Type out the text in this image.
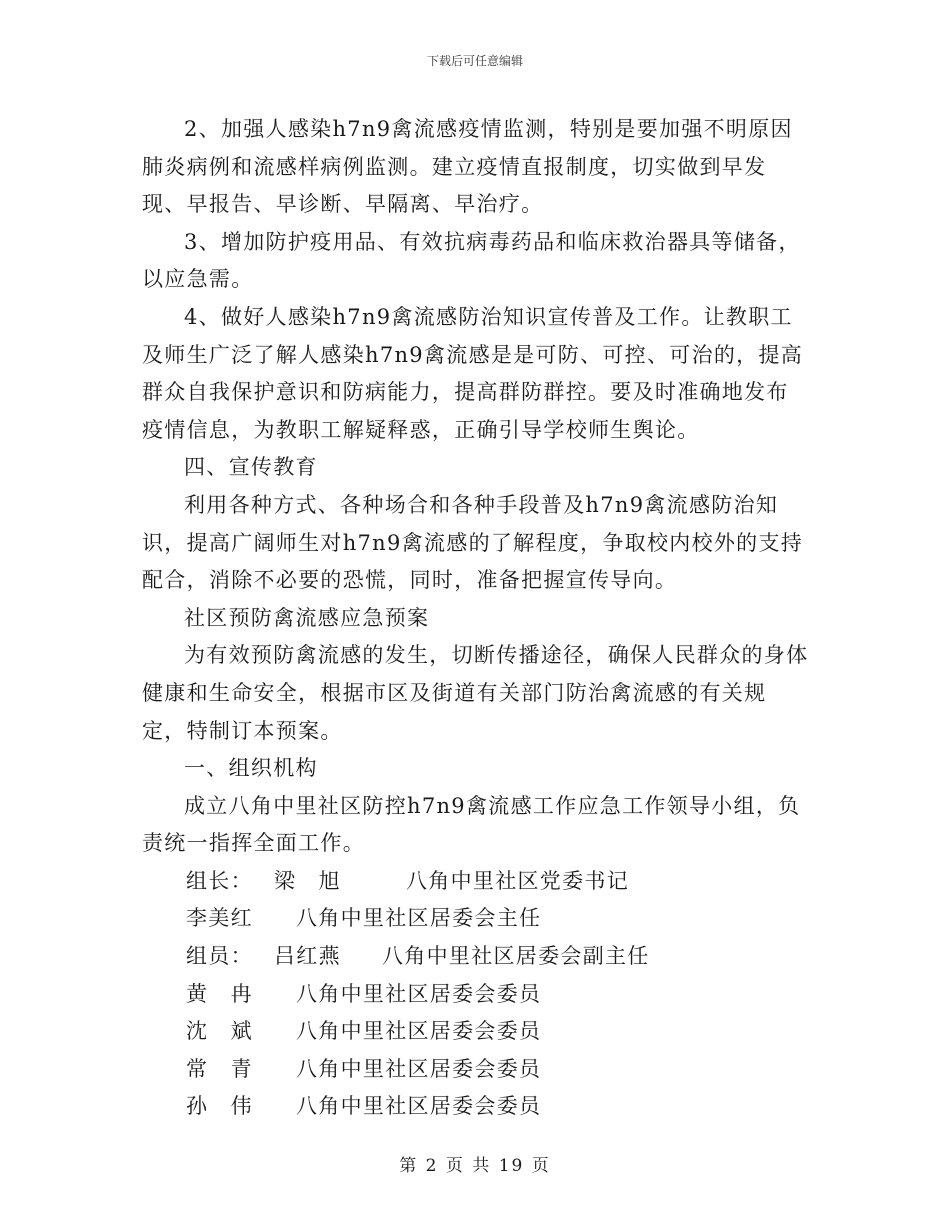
下载后可任意编辑

2、加强人感染h7n9禽流感疫情监测，特别是要加强不明原因肺炎病例和流感样病例监测。建立疫情直报制度，切实做到早发现、早报告、早诊断、早隔离、早治疗。

3、增加防护疫用品、有效抗病毒药品和临床救治器具等储备，以应急需。

4、做好人感染h7n9禽流感防治知识宣传普及工作。让教职工及师生广泛了解人感染h7n9禽流感是是可防、可控、可治的，提高群众自我保护意识和防病能力，提高群防群控。要及时准确地发布疫情信息，为教职工解疑释惑，正确引导学校师生舆论。

四、宣传教育

利用各种方式、各种场合和各种手段普及h7n9禽流感防治知识，提高广阔师生对h7n9禽流感的了解程度，争取校内校外的支持配合，消除不必要的恐慌，同时，准备把握宣传导向。

社区预防禽流感应急预案

为有效预防禽流感的发生，切断传播途径，确保人民群众的身体健康和生命安全，根据市区及街道有关部门防治禽流感的有关规定，特制订本预案。

一、组织机构

成立八角中里社区防控h7n9禽流感工作应急工作领导小组，负责统一指挥全面工作。

组长： 梁　旭	八角中里社区党委书记
李美红 八角中里社区居委会主任
组员： 吕红燕 八角中里社区居委会副主任
黄　冉 八角中里社区居委会委员
沈　斌 八角中里社区居委会委员
常　青 八角中里社区居委会委员
孙　伟 八角中里社区居委会委员
第 2 页 共 19 页
